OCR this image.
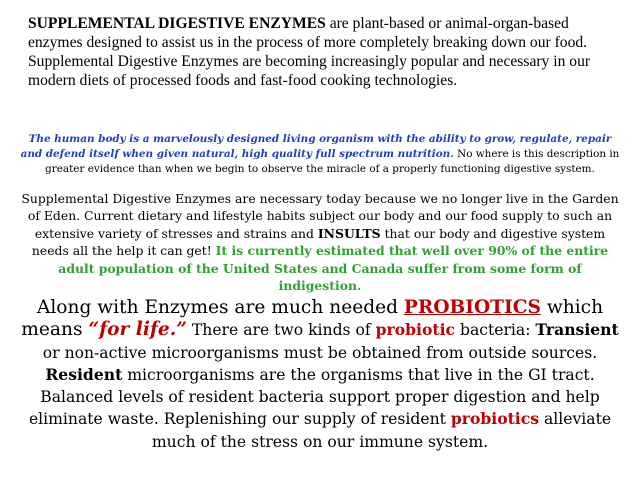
SUPPLEMENTAL DIGESTIVE ENZYMES are plant-based or animal-organ-based enzymes designed to assist us in the process of more completely breaking down our food. Supplemental Digestive Enzymes are becoming increasingly popular and necessary in our modern diets of processed foods and fast-food cooking technologies.

The human body is a marvelously designed living organism with the ability to grow, regulate, repair and defend itself when given natural, high quality full spectrum nutrition. No where is this description in greater evidence than when we begin to observe the miracle of a properly functioning digestive system.

Supplemental Digestive Enzymes are necessary today because we no longer live in the Garden of Eden. Current dietary and lifestyle habits subject our body and our food supply to such an extensive variety of stresses and strains and INSULTS that our body and digestive system needs all the help it can get! It is currently estimated that well over 90% of the entire adult population of the United States and Canada suffer from some form of indigestion.

Along with Enzymes are much needed PROBIOTICS which means “for life.” There are two kinds of probiotic bacteria: Transient or non-active microorganisms must be obtained from outside sources. Resident microorganisms are the organisms that live in the GI tract. Balanced levels of resident bacteria support proper digestion and help eliminate waste. Replenishing our supply of resident probiotics alleviate much of the stress on our immune system.
